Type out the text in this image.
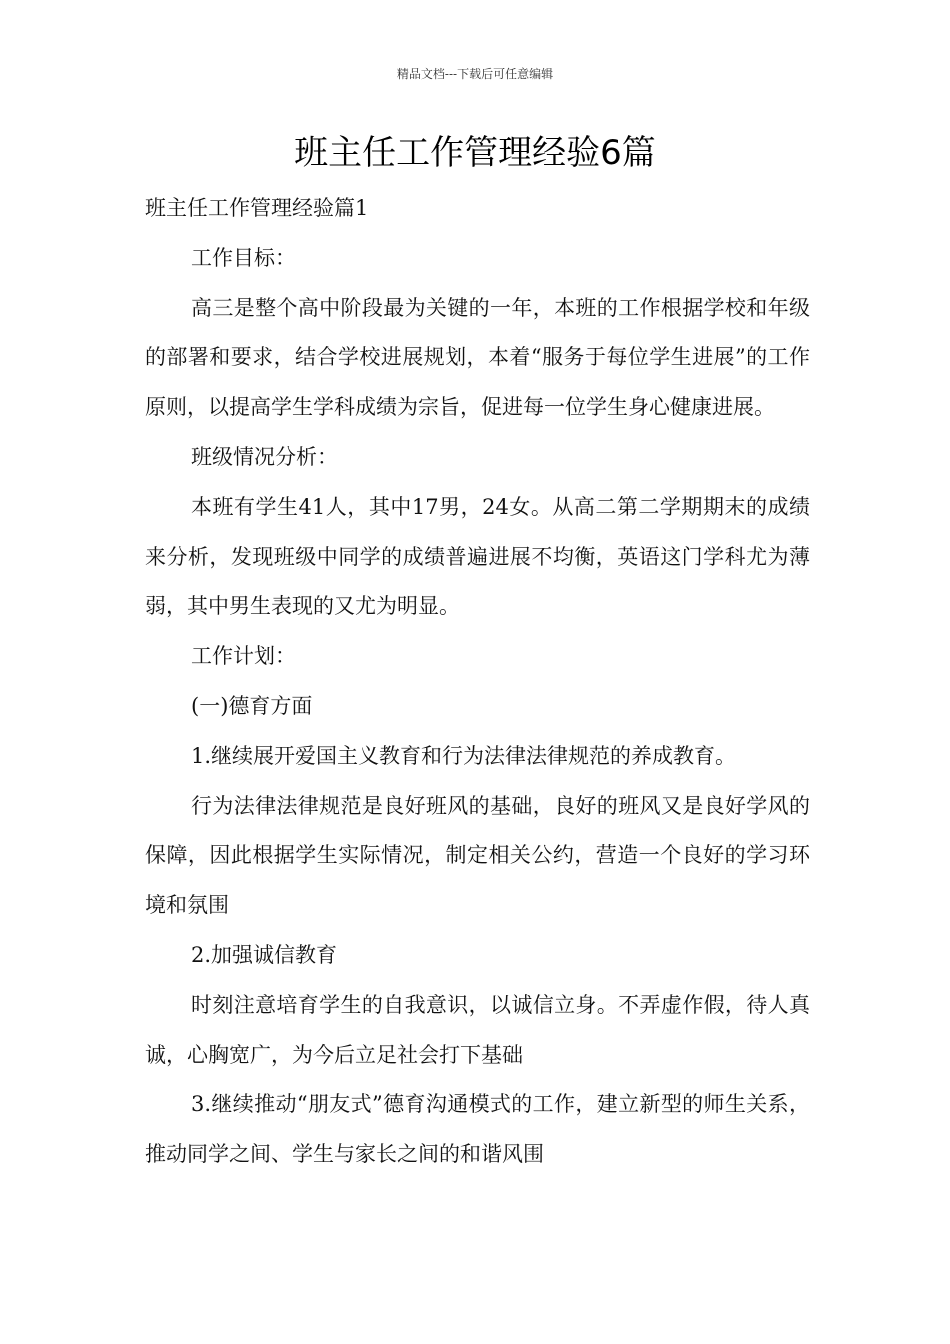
精品文档---下载后可任意编辑
班主任工作管理经验6篇

班主任工作管理经验篇1

工作目标：

高三是整个高中阶段最为关键的一年，本班的工作根据学校和年级的部署和要求，结合学校进展规划，本着“服务于每位学生进展”的工作原则，以提高学生学科成绩为宗旨，促进每一位学生身心健康进展。

班级情况分析：

本班有学生41人，其中17男，24女。从高二第二学期期末的成绩来分析，发现班级中同学的成绩普遍进展不均衡，英语这门学科尤为薄弱，其中男生表现的又尤为明显。

工作计划：

(一)德育方面

1.继续展开爱国主义教育和行为法律法律规范的养成教育。

行为法律法律规范是良好班风的基础，良好的班风又是良好学风的保障，因此根据学生实际情况，制定相关公约，营造一个良好的学习环境和氛围

2.加强诚信教育

时刻注意培育学生的自我意识，以诚信立身。不弄虚作假，待人真诚，心胸宽广，为今后立足社会打下基础

3.继续推动“朋友式”德育沟通模式的工作，建立新型的师生关系，推动同学之间、学生与家长之间的和谐风围
